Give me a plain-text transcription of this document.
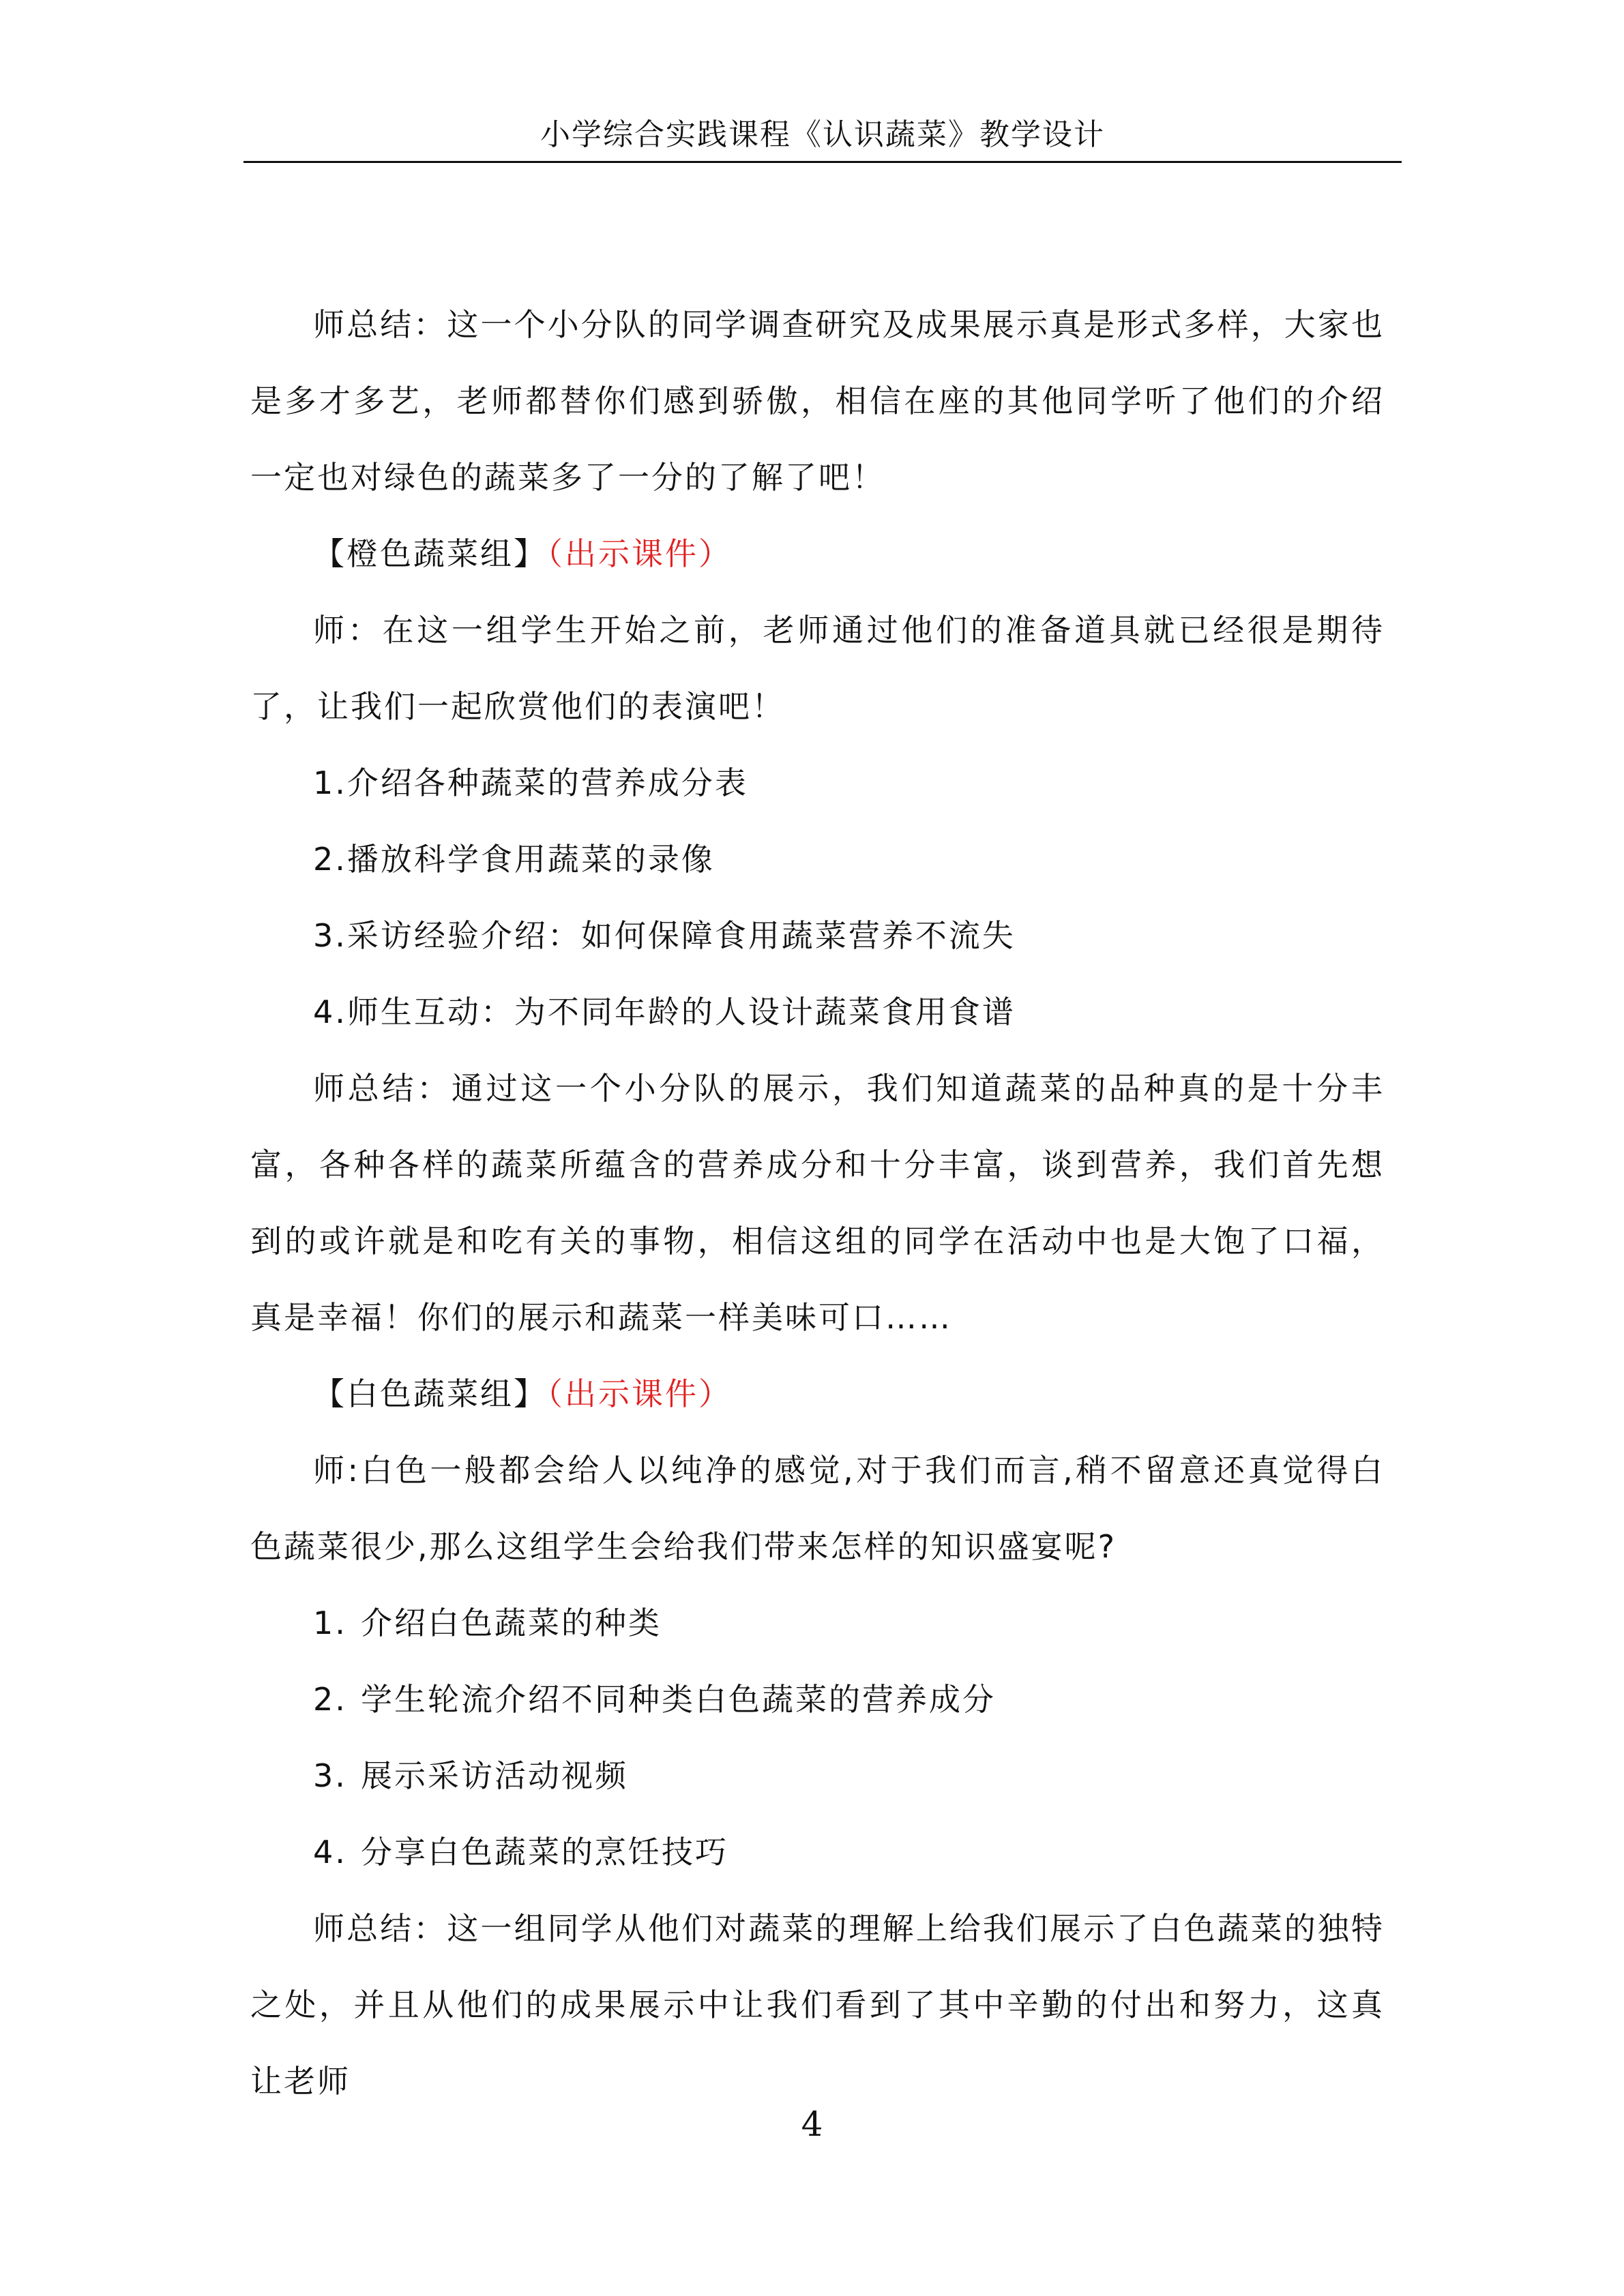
小学综合实践课程《认识蔬菜》教学设计

师总结：这一个小分队的同学调查研究及成果展示真是形式多样，大家也是多才多艺，老师都替你们感到骄傲，相信在座的其他同学听了他们的介绍一定也对绿色的蔬菜多了一分的了解了吧！

【橙色蔬菜组】（出示课件）

师：在这一组学生开始之前，老师通过他们的准备道具就已经很是期待了，让我们一起欣赏他们的表演吧！

1.介绍各种蔬菜的营养成分表

2.播放科学食用蔬菜的录像

3.采访经验介绍：如何保障食用蔬菜营养不流失

4.师生互动：为不同年龄的人设计蔬菜食用食谱

师总结：通过这一个小分队的展示，我们知道蔬菜的品种真的是十分丰富，各种各样的蔬菜所蕴含的营养成分和十分丰富，谈到营养，我们首先想到的或许就是和吃有关的事物，相信这组的同学在活动中也是大饱了口福，真是幸福！你们的展示和蔬菜一样美味可口……

【白色蔬菜组】（出示课件）

师:白色一般都会给人以纯净的感觉,对于我们而言,稍不留意还真觉得白色蔬菜很少,那么这组学生会给我们带来怎样的知识盛宴呢?

1. 介绍白色蔬菜的种类

2. 学生轮流介绍不同种类白色蔬菜的营养成分

3. 展示采访活动视频

4. 分享白色蔬菜的烹饪技巧

师总结：这一组同学从他们对蔬菜的理解上给我们展示了白色蔬菜的独特之处，并且从他们的成果展示中让我们看到了其中辛勤的付出和努力，这真让老师

4
